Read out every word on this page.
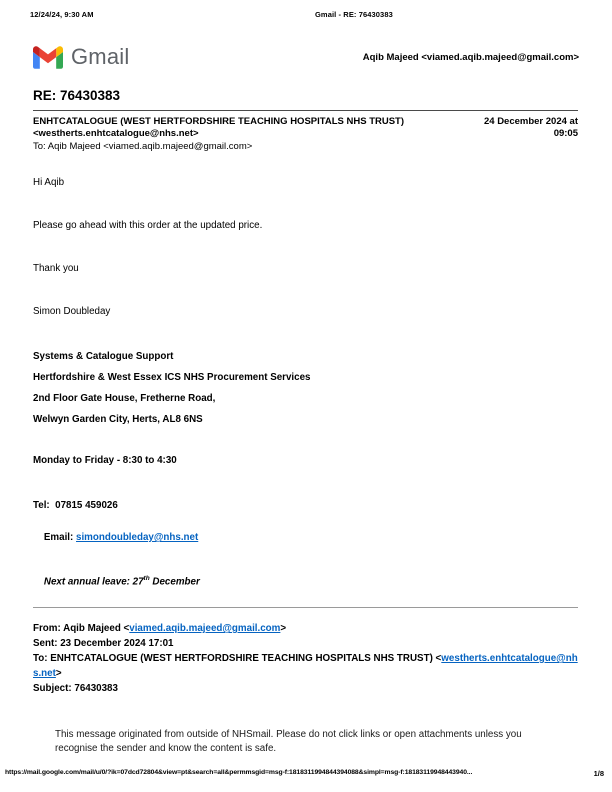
12/24/24, 9:30 AM	Gmail - RE: 76430383
Gmail	Aqib Majeed <viamed.aqib.majeed@gmail.com>
RE: 76430383
ENHTCATALOGUE (WEST HERTFORDSHIRE TEACHING HOSPITALS NHS TRUST)
<westherts.enhtcatalogue@nhs.net>
24 December 2024 at
09:05
To: Aqib Majeed <viamed.aqib.majeed@gmail.com>
Hi Aqib
Please go ahead with this order at the updated price.
Thank you
Simon Doubleday
Systems & Catalogue Support
Hertfordshire & West Essex ICS NHS Procurement Services
2nd Floor Gate House, Fretherne Road,
Welwyn Garden City, Herts, AL8 6NS
Monday to Friday - 8:30 to 4:30
Tel:  07815 459026

Email: simondoubleday@nhs.net

Next annual leave: 27th December

From: Aqib Majeed <viamed.aqib.majeed@gmail.com>
Sent: 23 December 2024 17:01
To: ENHTCATALOGUE (WEST HERTFORDSHIRE TEACHING HOSPITALS NHS TRUST) <westherts.enhtcatalogue@nhs.net>
Subject: 76430383
This message originated from outside of NHSmail. Please do not click links or open attachments unless you recognise the sender and know the content is safe.
https://mail.google.com/mail/u/0/?ik=07dcd72804&view=pt&search=all&permmsgid=msg-f:1818311994844394088&simpl=msg-f:18183119948443940...	1/8
